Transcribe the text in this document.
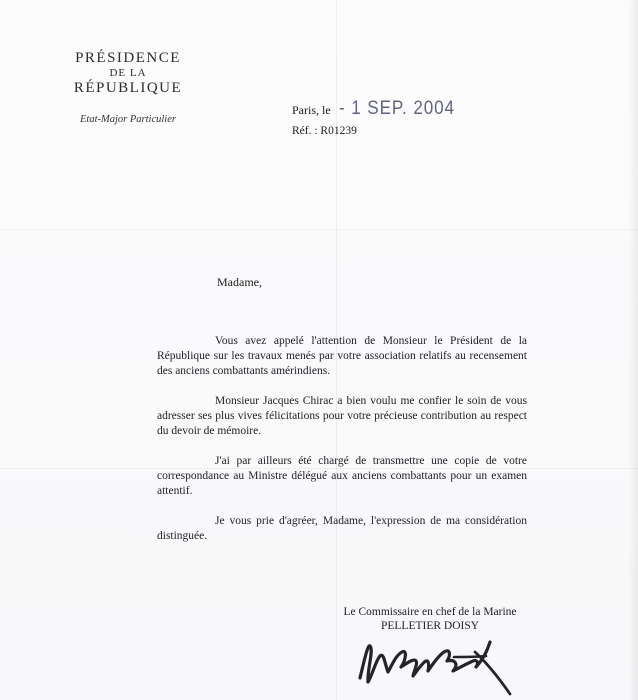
PRÉSIDENCE
DE LA
RÉPUBLIQUE
Etat-Major Particulier
Paris, le - 1 SEP. 2004
Réf. : R01239
Madame,

Vous avez appelé l'attention de Monsieur le Président de la République sur les travaux menés par votre association relatifs au recensement des anciens combattants amérindiens.

Monsieur Jacques Chirac a bien voulu me confier le soin de vous adresser ses plus vives félicitations pour votre précieuse contribution au respect du devoir de mémoire.

J'ai par ailleurs été chargé de transmettre une copie de votre correspondance au Ministre délégué aux anciens combattants pour un examen attentif.

Je vous prie d'agréer, Madame, l'expression de ma considération distinguée.

Le Commissaire en chef de la Marine
PELLETIER DOISY
